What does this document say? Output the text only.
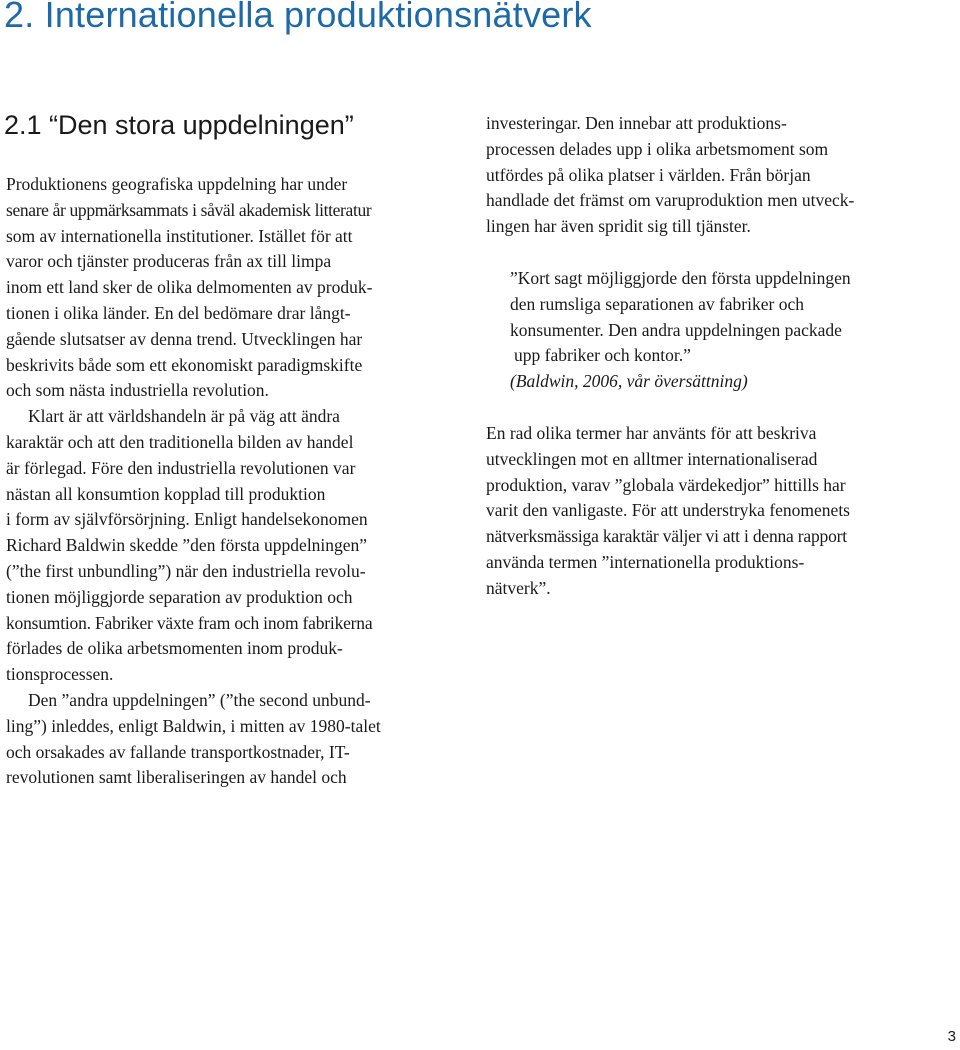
2. Internationella produktionsnätverk
2.1 “Den stora uppdelningen”
Produktionens geografiska uppdelning har under
senare år uppmärksammats i såväl akademisk litteratur
som av internationella institutioner. Istället för att
varor och tjänster produceras från ax till limpa
inom ett land sker de olika delmomenten av produk-
tionen i olika länder. En del bedömare drar långt-
gående slutsatser av denna trend. Utvecklingen har
beskrivits både som ett ekonomiskt paradigmskifte
och som nästa industriella revolution.
Klart är att världshandeln är på väg att ändra
karaktär och att den traditionella bilden av handel
är förlegad. Före den industriella revolutionen var
nästan all konsumtion kopplad till produktion
i form av självförsörjning. Enligt handelsekonomen
Richard Baldwin skedde ”den första uppdelningen”
(”the first unbundling”) när den industriella revolu-
tionen möjliggjorde separation av produktion och
konsumtion. Fabriker växte fram och inom fabrikerna
förlades de olika arbetsmomenten inom produk-
tionsprocessen.
Den ”andra uppdelningen” (”the second unbund-
ling”) inleddes, enligt Baldwin, i mitten av 1980-talet
och orsakades av fallande transportkostnader, IT-
revolutionen samt liberaliseringen av handel och
investeringar. Den innebar att produktions-
processen delades upp i olika arbetsmoment som
utfördes på olika platser i världen. Från början
handlade det främst om varuproduktion men utveck-
lingen har även spridit sig till tjänster.
”Kort sagt möjliggjorde den första uppdelningen
den rumsliga separationen av fabriker och
konsumenter. Den andra uppdelningen packade
upp fabriker och kontor.”
(Baldwin, 2006, vår översättning)
En rad olika termer har använts för att beskriva
utvecklingen mot en alltmer internationaliserad
produktion, varav ”globala värdekedjor” hittills har
varit den vanligaste. För att understryka fenomenets
nätverksmässiga karaktär väljer vi att i denna rapport
använda termen ”internationella produktions-
nätverk”.
3
